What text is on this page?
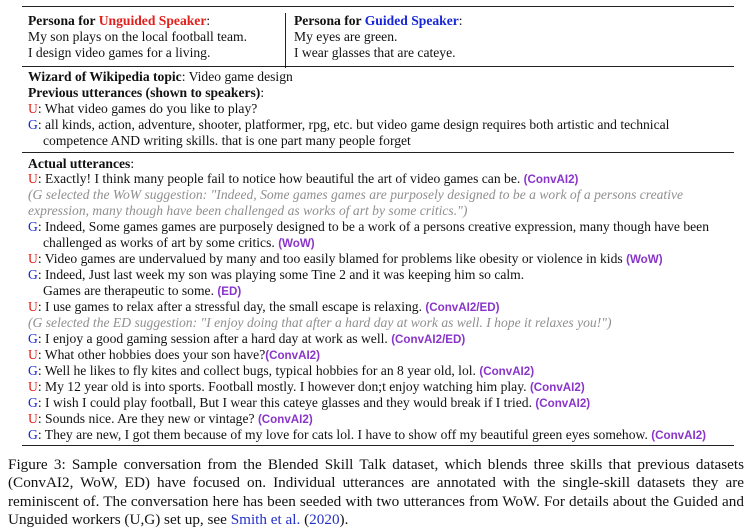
Persona for Unguided Speaker:
My son plays on the local football team.
I design video games for a living.
Persona for Guided Speaker:
My eyes are green.
I wear glasses that are cateye.
Wizard of Wikipedia topic: Video game design
Previous utterances (shown to speakers):
U: What video games do you like to play?
G: all kinds, action, adventure, shooter, platformer, rpg, etc. but video game design requires both artistic and technical competence AND writing skills. that is one part many people forget
Actual utterances:
U: Exactly! I think many people fail to notice how beautiful the art of video games can be. (ConvAI2)
(G selected the WoW suggestion: "Indeed, Some games games are purposely designed to be a work of a persons creative expression, many though have been challenged as works of art by some critics.")
G: Indeed, Some games games are purposely designed to be a work of a persons creative expression, many though have been challenged as works of art by some critics. (WoW)
U: Video games are undervalued by many and too easily blamed for problems like obesity or violence in kids (WoW)
G: Indeed, Just last week my son was playing some Tine 2 and it was keeping him so calm.
Games are therapeutic to some. (ED)
U: I use games to relax after a stressful day, the small escape is relaxing. (ConvAI2/ED)
(G selected the ED suggestion: "I enjoy doing that after a hard day at work as well. I hope it relaxes you!")
G: I enjoy a good gaming session after a hard day at work as well. (ConvAI2/ED)
U: What other hobbies does your son have?(ConvAI2)
G: Well he likes to fly kites and collect bugs, typical hobbies for an 8 year old, lol. (ConvAI2)
U: My 12 year old is into sports. Football mostly. I however don;t enjoy watching him play. (ConvAI2)
G: I wish I could play football, But I wear this cateye glasses and they would break if I tried. (ConvAI2)
U: Sounds nice. Are they new or vintage? (ConvAI2)
G: They are new, I got them because of my love for cats lol. I have to show off my beautiful green eyes somehow. (ConvAI2)
Figure 3: Sample conversation from the Blended Skill Talk dataset, which blends three skills that previous datasets (ConvAI2, WoW, ED) have focused on. Individual utterances are annotated with the single-skill datasets they are reminiscent of. The conversation here has been seeded with two utterances from WoW. For details about the Guided and Unguided workers (U,G) set up, see Smith et al. (2020).
